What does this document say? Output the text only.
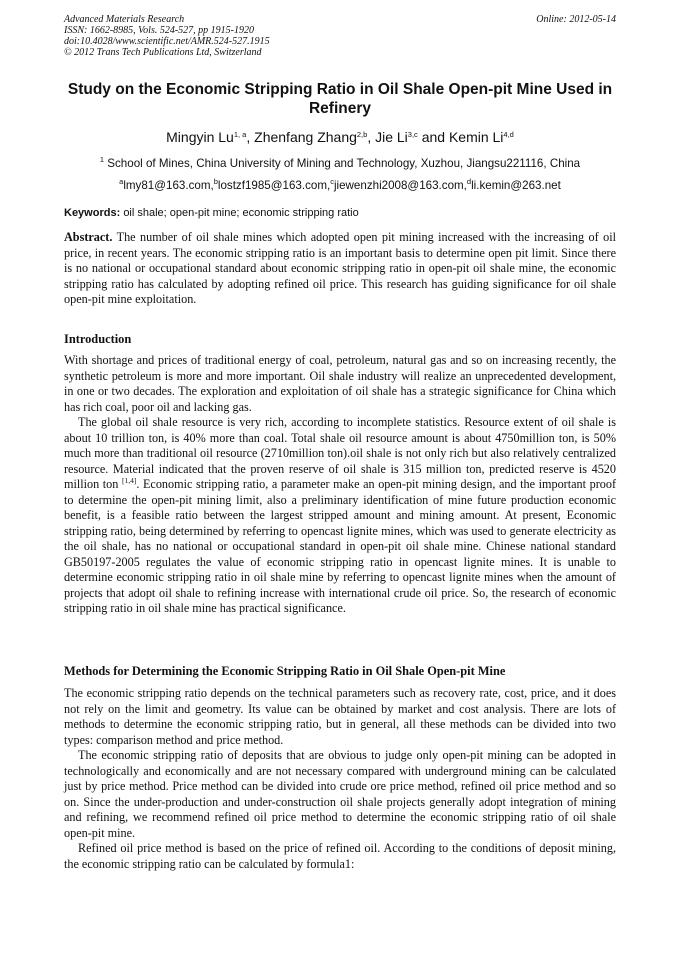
Advanced Materials Research
ISSN: 1662-8985, Vols. 524-527, pp 1915-1920
doi:10.4028/www.scientific.net/AMR.524-527.1915
© 2012 Trans Tech Publications Ltd, Switzerland
Online: 2012-05-14
Study on the Economic Stripping Ratio in Oil Shale Open-pit Mine Used in Refinery
Mingyin Lu$^{1, a}$, Zhenfang Zhang$^{2,b}$, Jie Li$^{3,c}$ and Kemin Li$^{4,d}$
$^1$ School of Mines, China University of Mining and Technology, Xuzhou, Jiangsu221116, China
$^a$lmy81@163.com,$^b$lostzf1985@163.com,$^c$jiewenzhi2008@163.com,$^d$li.kemin@263.net
Keywords: oil shale; open-pit mine; economic stripping ratio

Abstract. The number of oil shale mines which adopted open pit mining increased with the increasing of oil price, in recent years. The economic stripping ratio is an important basis to determine open pit limit. Since there is no national or occupational standard about economic stripping ratio in open-pit oil shale mine, the economic stripping ratio has calculated by adopting refined oil price. This research has guiding significance for oil shale open-pit mine exploitation.

Introduction

With shortage and prices of traditional energy of coal, petroleum, natural gas and so on increasing recently, the synthetic petroleum is more and more important. Oil shale industry will realize an unprecedented development, in one or two decades. The exploration and exploitation of oil shale has a strategic significance for China which has rich coal, poor oil and lacking gas.

The global oil shale resource is very rich, according to incomplete statistics. Resource extent of oil shale is about 10 trillion ton, is 40% more than coal. Total shale oil resource amount is about 4750million ton, is 50% much more than traditional oil resource (2710million ton).oil shale is not only rich but also relatively centralized resource. Material indicated that the proven reserve of oil shale is 315 million ton, predicted reserve is 4520 million ton [1,4]. Economic stripping ratio, a parameter make an open-pit mining design, and the important proof to determine the open-pit mining limit, also a preliminary identification of mine future production economic benefit, is a feasible ratio between the largest stripped amount and mining amount. At present, Economic stripping ratio, being determined by referring to opencast lignite mines, which was used to generate electricity as the oil shale, has no national or occupational standard in open-pit oil shale mine. Chinese national standard GB50197-2005 regulates the value of economic stripping ratio in opencast lignite mines. It is unable to determine economic stripping ratio in oil shale mine by referring to opencast lignite mines when the amount of projects that adopt oil shale to refining increase with international crude oil price. So, the research of economic stripping ratio in oil shale mine has practical significance.

Methods for Determining the Economic Stripping Ratio in Oil Shale Open-pit Mine

The economic stripping ratio depends on the technical parameters such as recovery rate, cost, price, and it does not rely on the limit and geometry. Its value can be obtained by market and cost analysis. There are lots of methods to determine the economic stripping ratio, but in general, all these methods can be divided into two types: comparison method and price method.

The economic stripping ratio of deposits that are obvious to judge only open-pit mining can be adopted in technologically and economically and are not necessary compared with underground mining can be calculated just by price method. Price method can be divided into crude ore price method, refined oil price method and so on. Since the under-production and under-construction oil shale projects generally adopt integration of mining and refining, we recommend refined oil price method to determine the economic stripping ratio of oil shale open-pit mine.

Refined oil price method is based on the price of refined oil. According to the conditions of deposit mining, the economic stripping ratio can be calculated by formula1:
